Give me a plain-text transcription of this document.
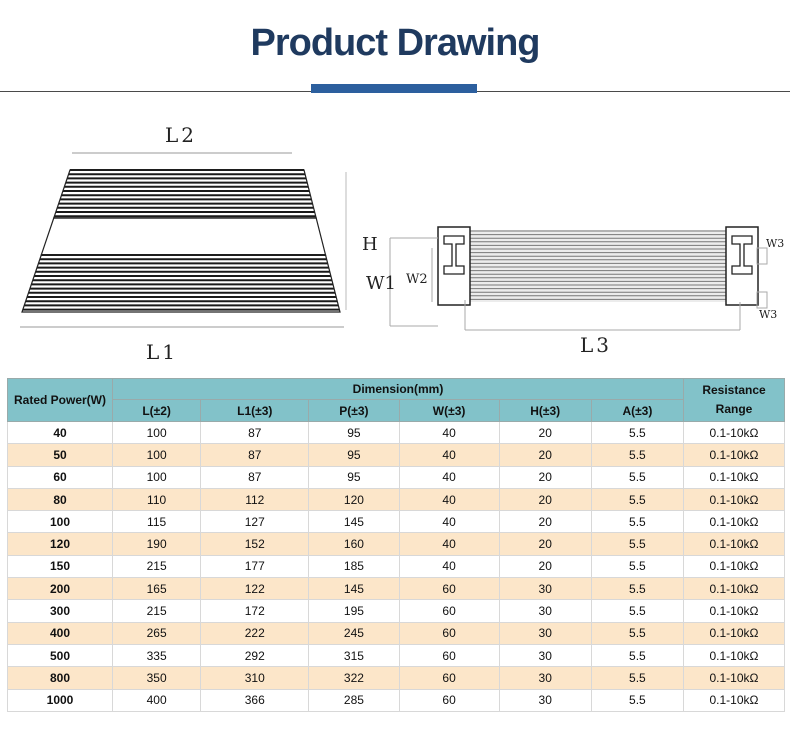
Product Drawing
L2
L1
H
W1 W2
W3
W3
L3
Rated Power(W)	Dimension(mm)						Resistance Range
	L(±2)	L1(±3)	P(±3)	W(±3)	H(±3)	A(±3)	
40	100	87	95	40	20	5.5	0.1-10kΩ
50	100	87	95	40	20	5.5	0.1-10kΩ
60	100	87	95	40	20	5.5	0.1-10kΩ
80	110	112	120	40	20	5.5	0.1-10kΩ
100	115	127	145	40	20	5.5	0.1-10kΩ
120	190	152	160	40	20	5.5	0.1-10kΩ
150	215	177	185	40	20	5.5	0.1-10kΩ
200	165	122	145	60	30	5.5	0.1-10kΩ
300	215	172	195	60	30	5.5	0.1-10kΩ
400	265	222	245	60	30	5.5	0.1-10kΩ
500	335	292	315	60	30	5.5	0.1-10kΩ
800	350	310	322	60	30	5.5	0.1-10kΩ
1000	400	366	285	60	30	5.5	0.1-10kΩ
